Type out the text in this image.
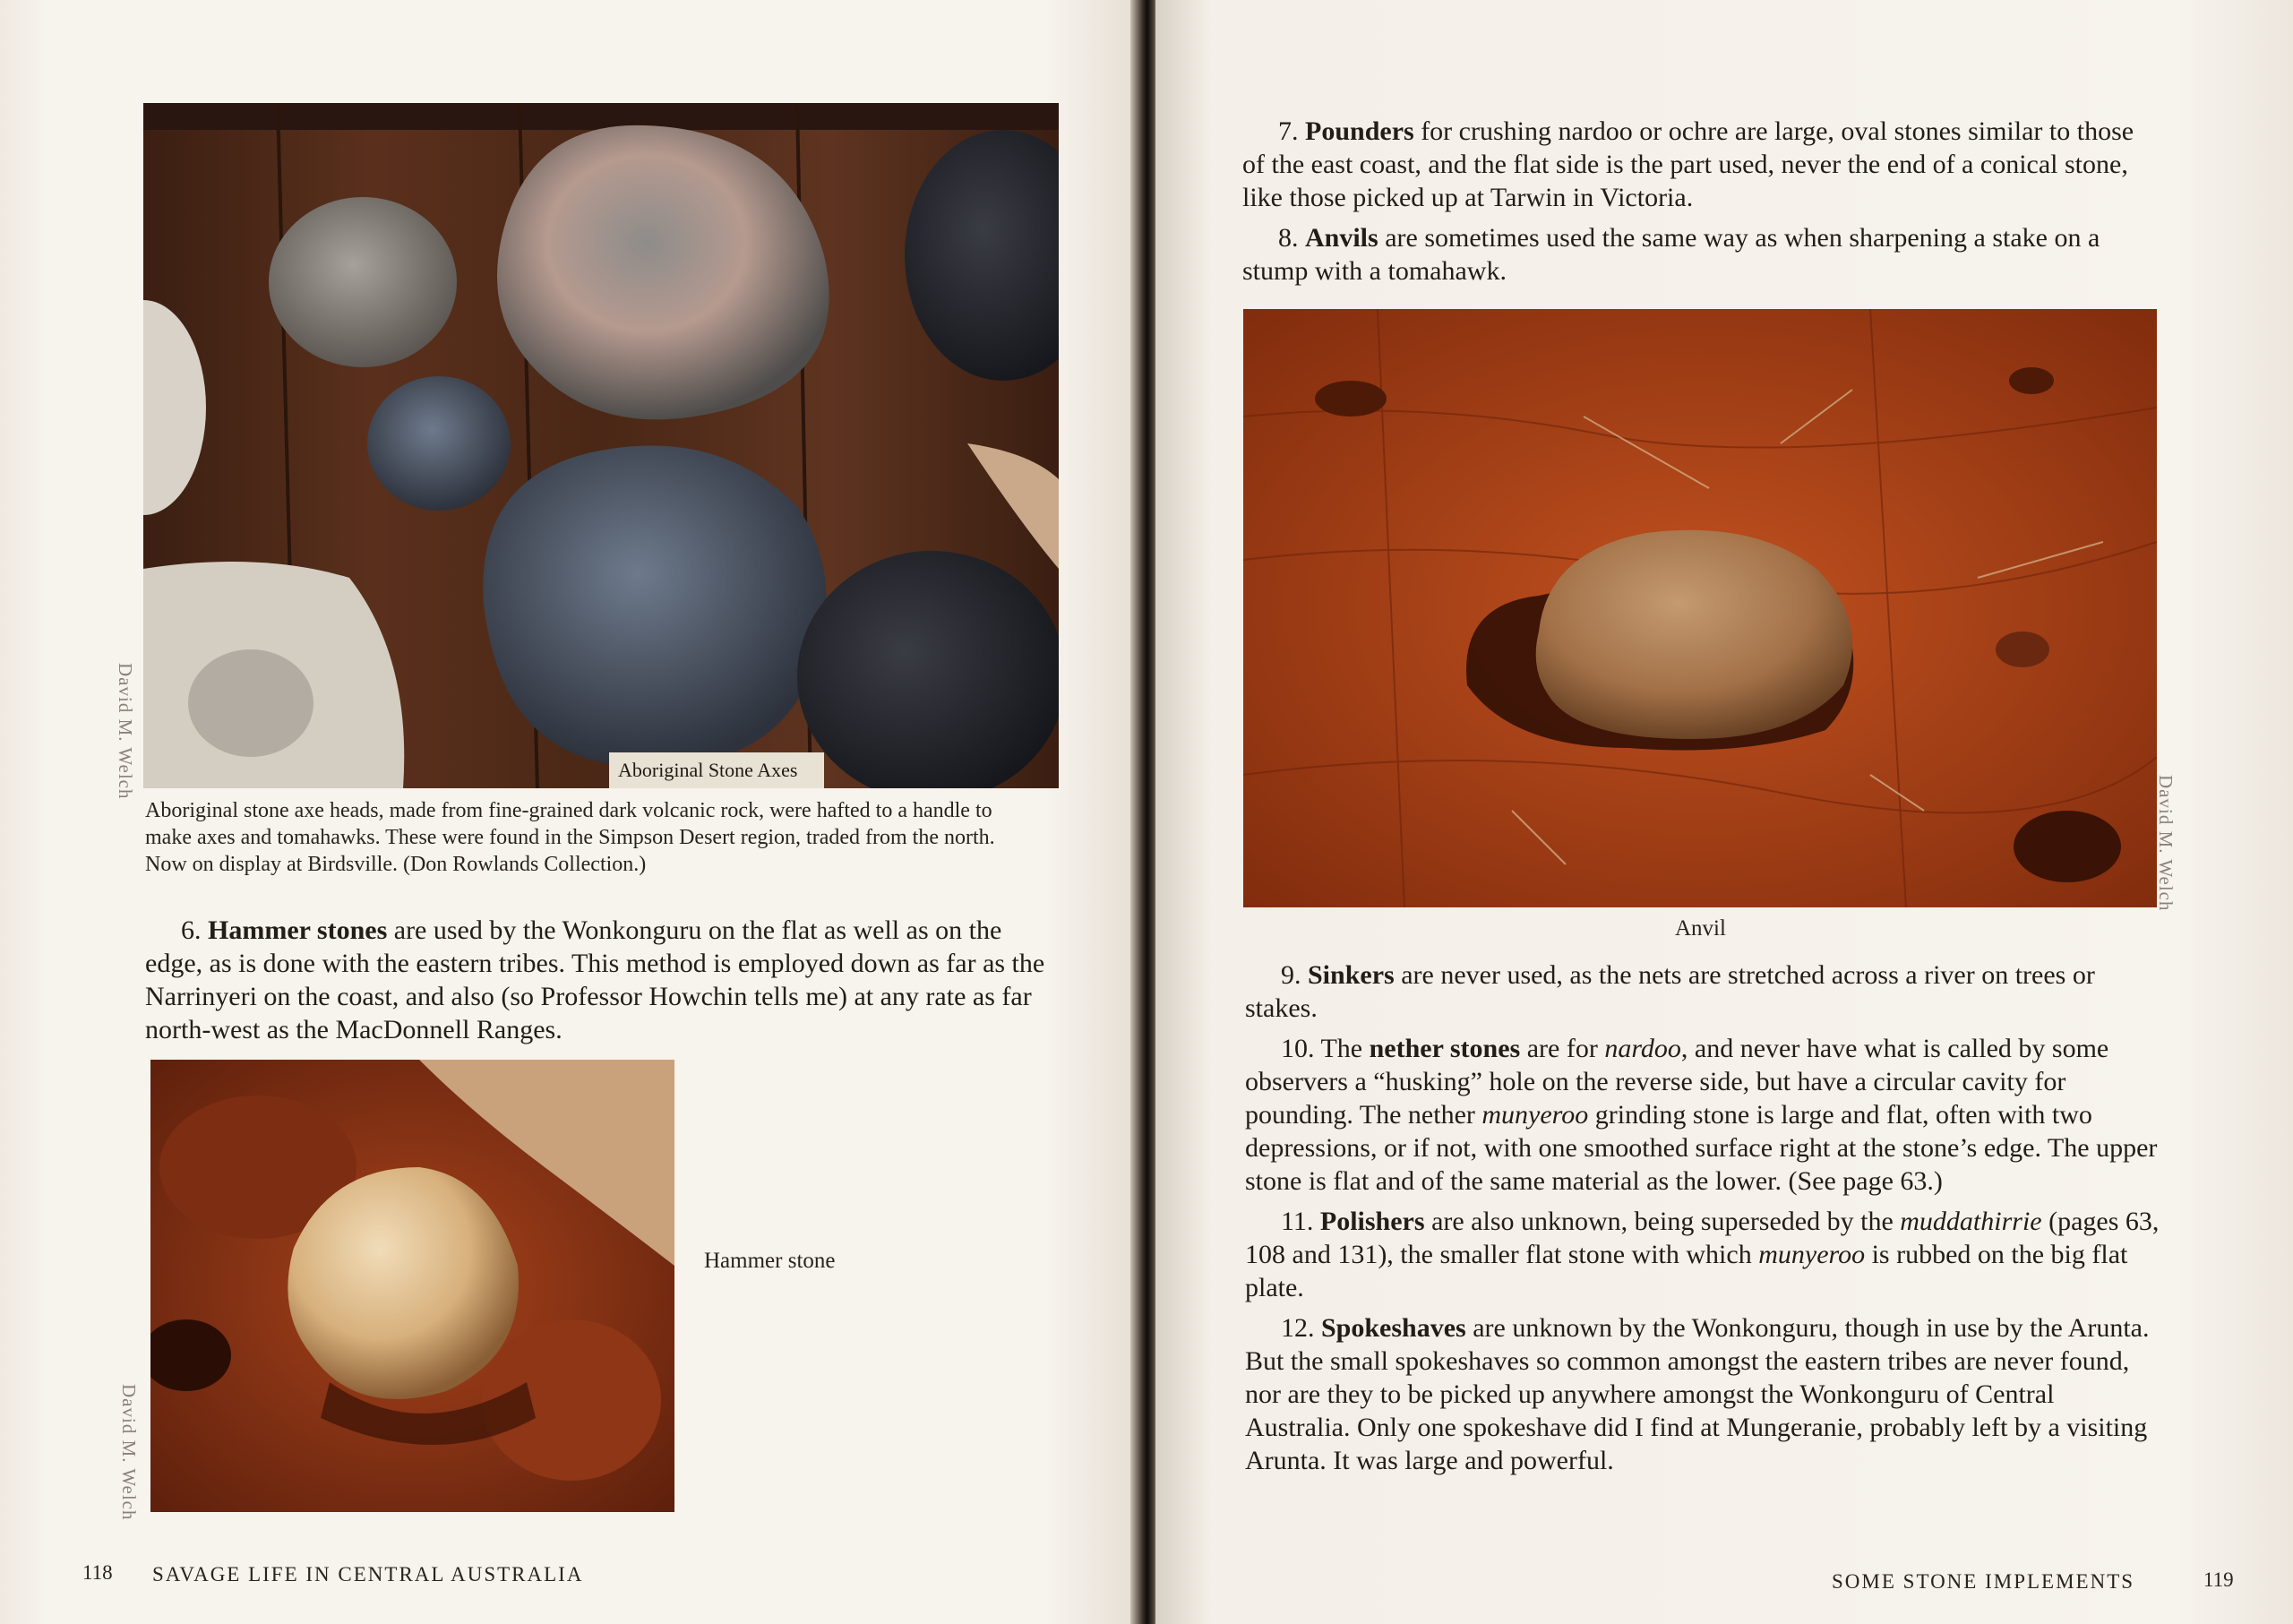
Aboriginal Stone Axes
David M. Welch
Aboriginal stone axe heads, made from fine-grained dark volcanic rock, were hafted to a handle to make axes and tomahawks. These were found in the Simpson Desert region, traded from the north. Now on display at Birdsville. (Don Rowlands Collection.)

6. Hammer stones are used by the Wonkonguru on the flat as well as on the edge, as is done with the eastern tribes. This method is employed down as far as the Narrinyeri on the coast, and also (so Professor Howchin tells me) at any rate as far north-west as the MacDonnell Ranges.

David M. Welch
Hammer stone
118 SAVAGE LIFE IN CENTRAL AUSTRALIA

7. Pounders for crushing nardoo or ochre are large, oval stones similar to those of the east coast, and the flat side is the part used, never the end of a conical stone, like those picked up at Tarwin in Victoria.

8. Anvils are sometimes used the same way as when sharpening a stake on a stump with a tomahawk.

David M. Welch
Anvil

9. Sinkers are never used, as the nets are stretched across a river on trees or stakes.

10. The nether stones are for nardoo, and never have what is called by some observers a “husking” hole on the reverse side, but have a circular cavity for pounding. The nether munyeroo grinding stone is large and flat, often with two depressions, or if not, with one smoothed surface right at the stone’s edge. The upper stone is flat and of the same material as the lower. (See page 63.)

11. Polishers are also unknown, being superseded by the muddathirrie (pages 63, 108 and 131), the smaller flat stone with which munyeroo is rubbed on the big flat plate.

12. Spokeshaves are unknown by the Wonkonguru, though in use by the Arunta. But the small spokeshaves so common amongst the eastern tribes are never found, nor are they to be picked up anywhere amongst the Wonkonguru of Central Australia. Only one spokeshave did I find at Mungeranie, probably left by a visiting Arunta. It was large and powerful.

SOME STONE IMPLEMENTS	119
